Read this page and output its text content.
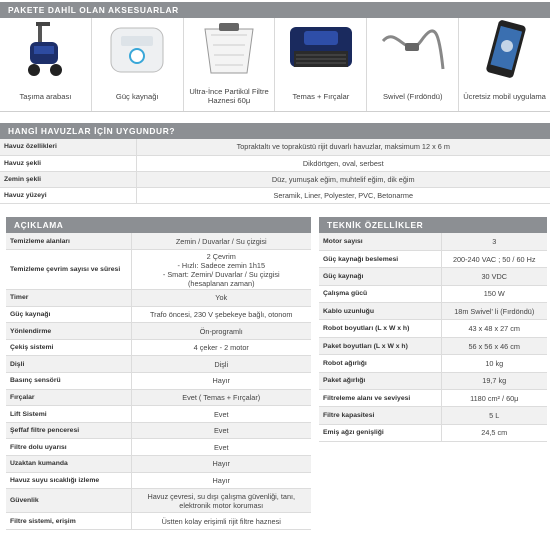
PAKETE DAHİL OLAN AKSESUARLAR
Taşıma arabası	Güç kaynağı	Ultra-İnce Partikül Filtre Haznesi 60μ	Temas + Fırçalar	Swivel (Fırdöndü)	Ücretsiz mobil uygulama
HANGİ HAVUZLAR İÇİN UYGUNDUR?
Havuz özellikleri	Topraktaltı ve topraküstü rijit duvarlı havuzlar, maksimum 12 x 6 m
Havuz şekli	Dikdörtgen, oval, serbest
Zemin şekli	Düz, yumuşak eğim, muhtelif eğim, dik eğim
Havuz yüzeyi	Seramik, Liner, Polyester, PVC, Betonarme
AÇIKLAMA
Temizleme alanları	Zemin / Duvarlar / Su çizgisi
Temizleme çevrim sayısı ve süresi	2 Çevrim
- Hızlı: Sadece zemin 1h15
- Smart: Zemin/ Duvarlar / Su çizgisi
(hesaplanan zaman)
Timer	Yok
Güç kaynağı	Trafo öncesi, 230 V şebekeye bağlı, otonom
Yönlendirme	Ön-programlı
Çekiş sistemi	4 çeker - 2 motor
Dişli	Dişli
Basınç sensörü	Hayır
Fırçalar	Evet ( Temas + Fırçalar)
Lift Sistemi	Evet
Şeffaf filtre penceresi	Evet
Filtre dolu uyarısı	Evet
Uzaktan kumanda	Hayır
Havuz suyu sıcaklığı izleme	Hayır
Güvenlik	Havuz çevresi, su dışı çalışma güvenliği, tanı, elektronik motor koruması
Filtre sistemi, erişim	Üstten kolay erişimli rijit filtre haznesi
TEKNİK ÖZELLİKLER
Motor sayısı	3
Güç kaynağı beslemesi	200-240 VAC ; 50 / 60 Hz
Güç kaynağı	30 VDC
Çalışma gücü	150 W
Kablo uzunluğu	18m Swivel' li (Fırdöndü)
Robot boyutları (L x W x h)	43 x 48 x 27 cm
Paket boyutları (L x W x h)	56 x 56 x 46 cm
Robot ağırlığı	10 kg
Paket ağırlığı	19,7 kg
Filtreleme alanı ve seviyesi	1180 cm² / 60μ
Filtre kapasitesi	5 L
Emiş ağzı genişliği	24,5 cm
